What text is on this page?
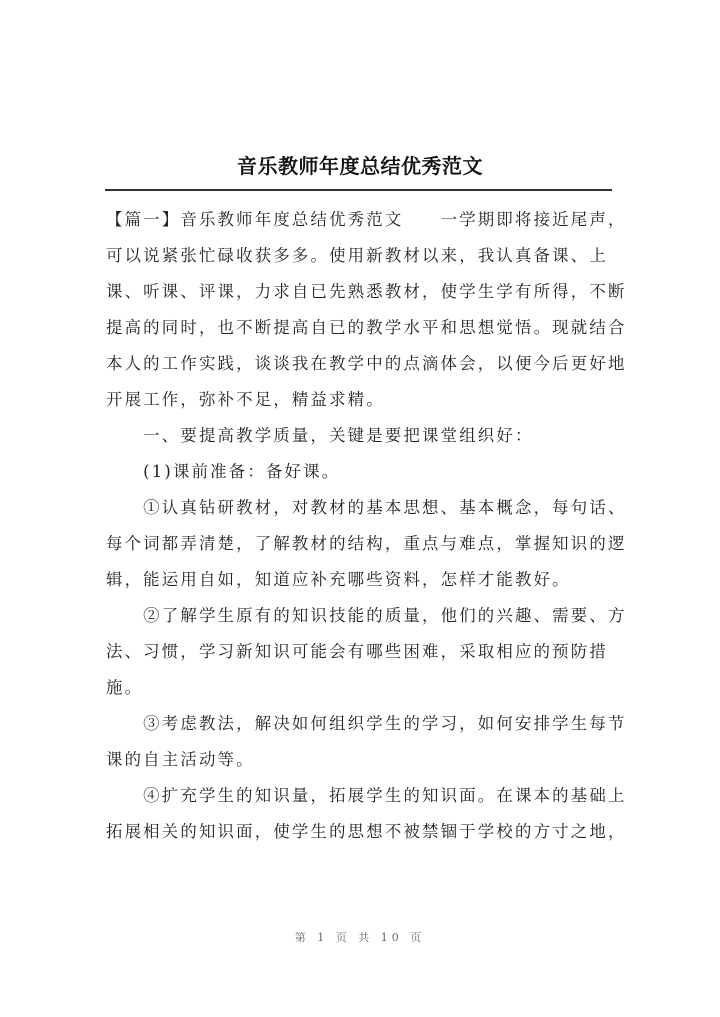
音乐教师年度总结优秀范文

【篇一】音乐教师年度总结优秀范文　　一学期即将接近尾声，
可以说紧张忙碌收获多多。使用新教材以来，我认真备课、上
课、听课、评课，力求自已先熟悉教材，使学生学有所得，不断
提高的同时，也不断提高自已的教学水平和思想觉悟。现就结合
本人的工作实践，谈谈我在教学中的点滴体会，以便今后更好地
开展工作，弥补不足，精益求精。
　　一、要提高教学质量，关键是要把课堂组织好：
　　(1)课前准备：备好课。
　　①认真钻研教材，对教材的基本思想、基本概念，每句话、
每个词都弄清楚，了解教材的结构，重点与难点，掌握知识的逻
辑，能运用自如，知道应补充哪些资料，怎样才能教好。
　　②了解学生原有的知识技能的质量，他们的兴趣、需要、方
法、习惯，学习新知识可能会有哪些困难，采取相应的预防措
施。
　　③考虑教法，解决如何组织学生的学习，如何安排学生每节
课的自主活动等。
　　④扩充学生的知识量，拓展学生的知识面。在课本的基础上
拓展相关的知识面，使学生的思想不被禁锢于学校的方寸之地，

第 1 页 共 10 页
